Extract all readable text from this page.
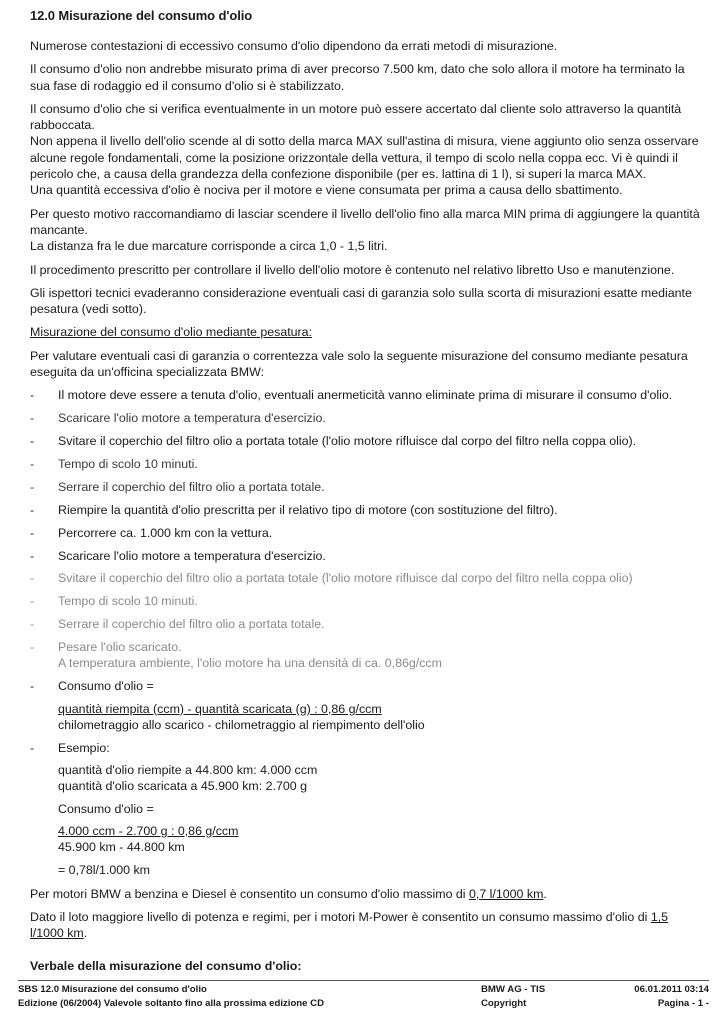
12.0 Misurazione del consumo d'olio

Numerose contestazioni di eccessivo consumo d'olio dipendono da errati metodi di misurazione.

Il consumo d'olio non andrebbe misurato prima di aver precorso 7.500 km, dato che solo allora il motore ha terminato la sua fase di rodaggio ed il consumo d'olio si è stabilizzato.

Il consumo d'olio che si verifica eventualmente in un motore può essere accertato dal cliente solo attraverso la quantità rabboccata.

Non appena il livello dell'olio scende al di sotto della marca MAX sull'astina di misura, viene aggiunto olio senza osservare alcune regole fondamentali, come la posizione orizzontale della vettura, il tempo di scolo nella coppa ecc. Vi è quindi il pericolo che, a causa della grandezza della confezione disponibile (per es. lattina di 1 l), si superi la marca MAX.

Una quantità eccessiva d'olio è nociva per il motore e viene consumata per prima a causa dello sbattimento.

Per questo motivo raccomandiamo di lasciar scendere il livello dell'olio fino alla marca MIN prima di aggiungere la quantità mancante.

La distanza fra le due marcature corrisponde a circa 1,0 - 1,5 litri.

Il procedimento prescritto per controllare il livello dell'olio motore è contenuto nel relativo libretto Uso e manutenzione.

Gli ispettori tecnici evaderanno considerazione eventuali casi di garanzia solo sulla scorta di misurazioni esatte mediante pesatura (vedi sotto).

Misurazione del consumo d'olio mediante pesatura:

Per valutare eventuali casi di garanzia o correntezza vale solo la seguente misurazione del consumo mediante pesatura eseguita da un'officina specializzata BMW:

- Il motore deve essere a tenuta d'olio, eventuali anermeticità vanno eliminate prima di misurare il consumo d'olio.
- Scaricare l'olio motore a temperatura d'esercizio.
- Svitare il coperchio del filtro olio a portata totale (l'olio motore rifluisce dal corpo del filtro nella coppa olio).
- Tempo di scolo 10 minuti.
- Serrare il coperchio del filtro olio a portata totale.
- Riempire la quantità d'olio prescritta per il relativo tipo di motore (con sostituzione del filtro).
- Percorrere ca. 1.000 km con la vettura.
- Scaricare l'olio motore a temperatura d'esercizio.
- Svitare il coperchio del filtro olio a portata totale (l'olio motore rifluisce dal corpo del filtro nella coppa olio)
- Tempo di scolo 10 minuti.
- Serrare il coperchio del filtro olio a portata totale.
- Pesare l'olio scaricato.
A temperatura ambiente, l'olio motore ha una densità di ca. 0,86g/ccm
- Consumo d'olio =
quantità riempita (ccm) - quantità scaricata (g) : 0,86 g/ccm
chilometraggio allo scarico - chilometraggio al riempimento dell'olio
- Esempio:
quantità d'olio riempite a 44.800 km: 4.000 ccm
quantità d'olio scaricata a 45.900 km: 2.700 g
Consumo d'olio =
4.000 ccm - 2.700 g : 0,86 g/ccm
45.900 km - 44.800 km
= 0,78l/1.000 km

Per motori BMW a benzina e Diesel è consentito un consumo d'olio massimo di 0,7 l/1000 km.

Dato il loto maggiore livello di potenza e regimi, per i motori M-Power è consentito un consumo massimo d'olio di 1,5 l/1000 km.

Verbale della misurazione del consumo d'olio:
SBS 12.0 Misurazione del consumo d'olio	BMW AG - TIS	06.01.2011 03:14
Edizione (06/2004) Valevole soltanto fino alla prossima edizione CD	Copyright	Pagina - 1 -
